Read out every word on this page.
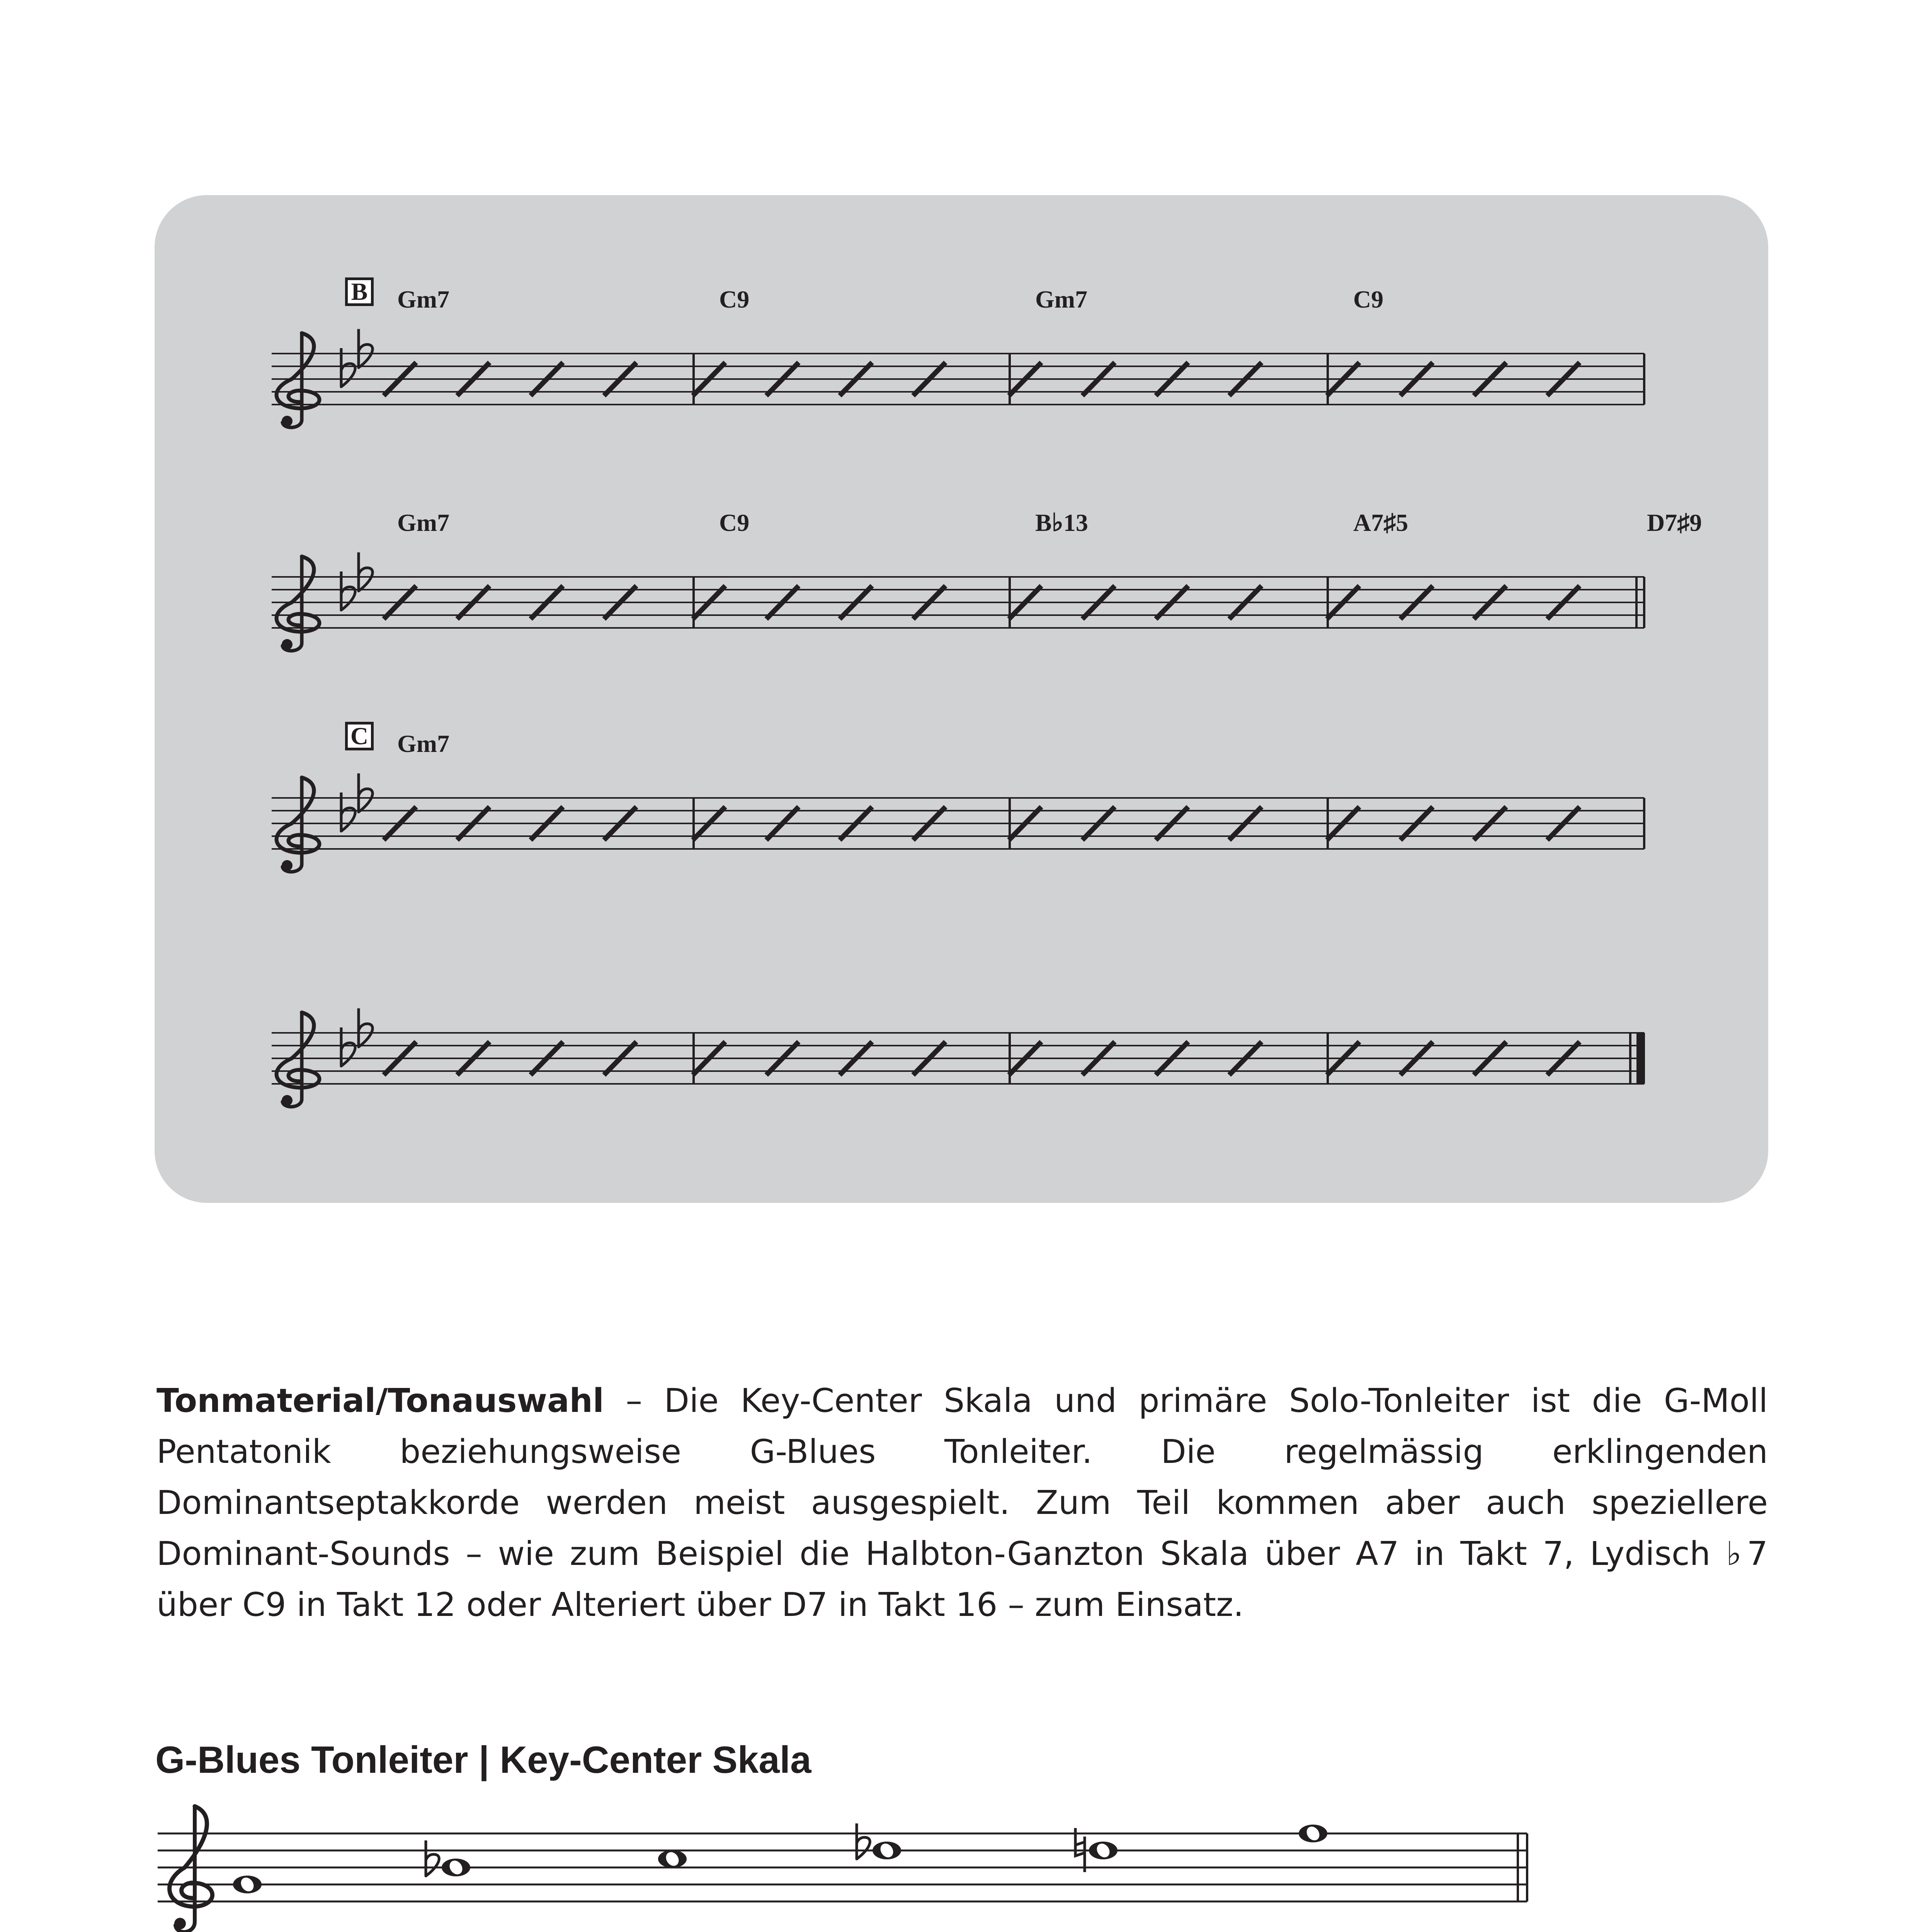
B Gm7	C9	Gm7	C9
Gm7	C9	B♭13	A7♯5	D7♯9
C Gm7

Tonmaterial/Tonauswahl – Die Key-Center Skala und primäre Solo-Tonleiter ist die G-Moll Pentatonik beziehungsweise G-Blues Tonleiter. Die regelmässig erklingenden Dominantseptakkorde werden meist ausgespielt. Zum Teil kommen aber auch speziellere Dominant-Sounds – wie zum Beispiel die Halbton-Ganzton Skala über A7 in Takt 7, Lydisch ♭7 über C9 in Takt 12 oder Alteriert über D7 in Takt 16 – zum Einsatz.

G-Blues Tonleiter | Key-Center Skala
